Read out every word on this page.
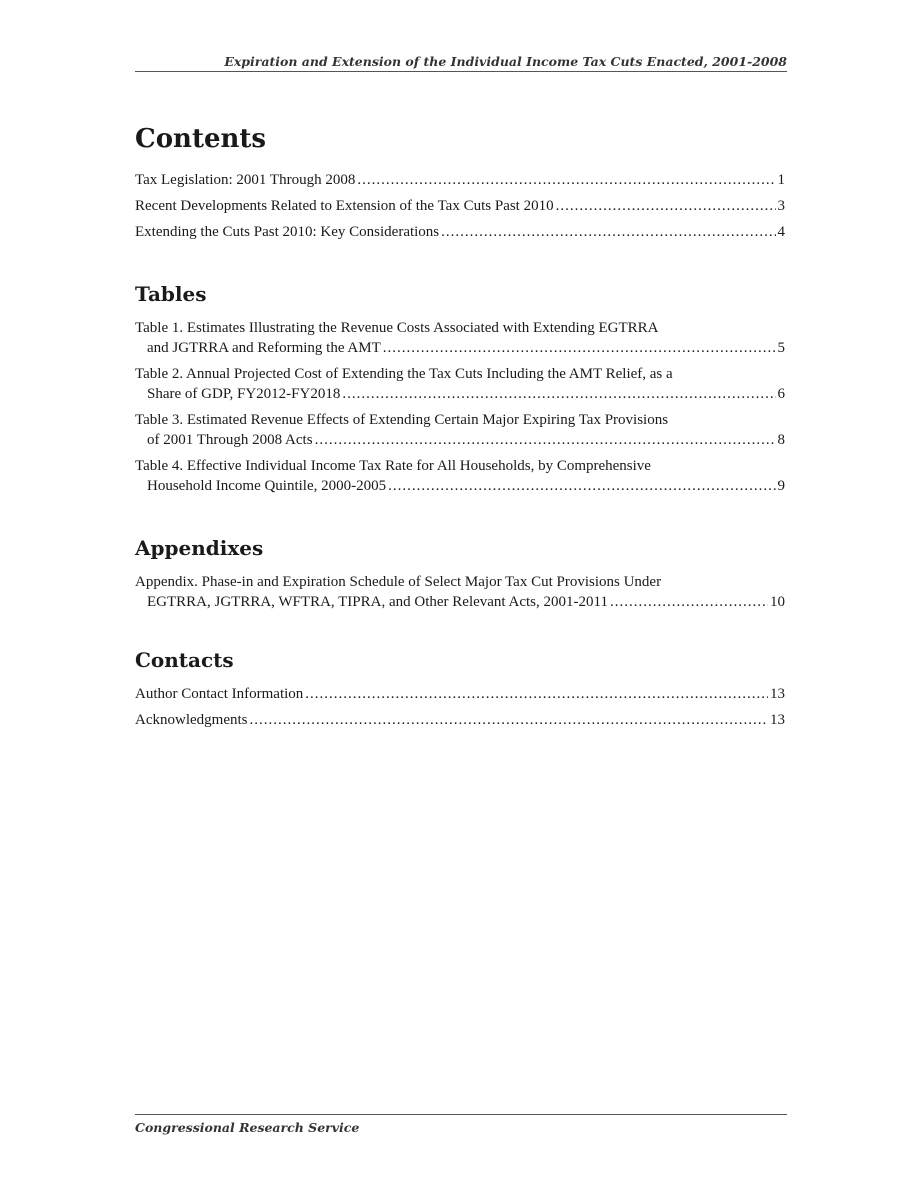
Expiration and Extension of the Individual Income Tax Cuts Enacted, 2001-2008
Contents
Tax Legislation: 2001 Through 2008 .....	1
Recent Developments Related to Extension of the Tax Cuts Past 2010 .....	3
Extending the Cuts Past 2010: Key Considerations .....	4
Tables
Table 1. Estimates Illustrating the Revenue Costs Associated with Extending EGTRRA
and JGTRRA and Reforming the AMT .....	5
Table 2. Annual Projected Cost of Extending the Tax Cuts Including the AMT Relief, as a
Share of GDP, FY2012-FY2018 .....	6
Table 3. Estimated Revenue Effects of Extending Certain Major Expiring Tax Provisions
of 2001 Through 2008 Acts .....	8
Table 4. Effective Individual Income Tax Rate for All Households, by Comprehensive
Household Income Quintile, 2000-2005 .....	9
Appendixes
Appendix. Phase-in and Expiration Schedule of Select Major Tax Cut Provisions Under
EGTRRA, JGTRRA, WFTRA, TIPRA, and Other Relevant Acts, 2001-2011 .....	10
Contacts
Author Contact Information .....	13
Acknowledgments .....	13
Congressional Research Service
